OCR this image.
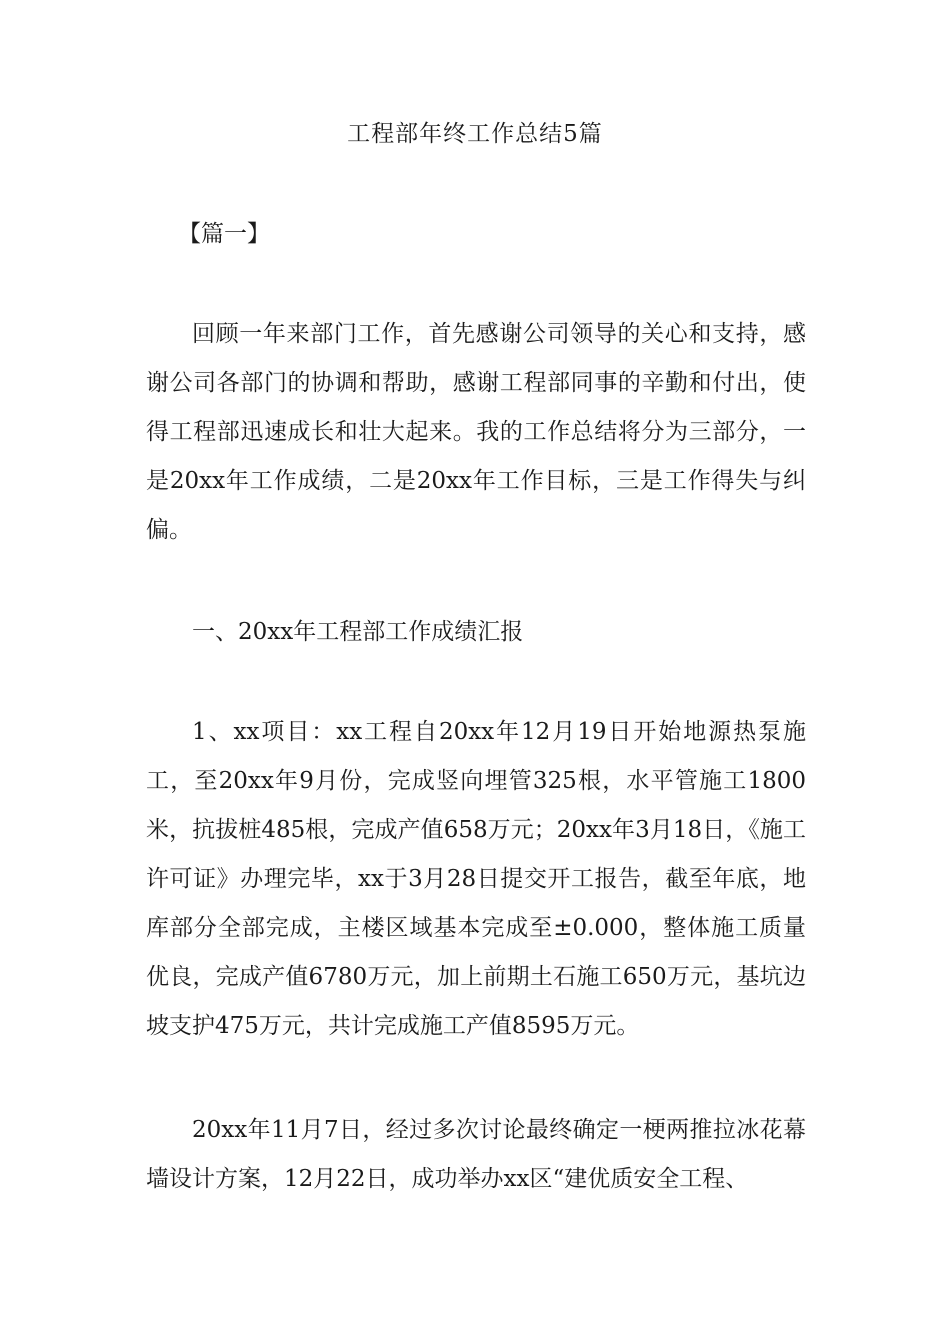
工程部年终工作总结5篇

【篇一】

回顾一年来部门工作，首先感谢公司领导的关心和支持，感谢公司各部门的协调和帮助，感谢工程部同事的辛勤和付出，使得工程部迅速成长和壮大起来。我的工作总结将分为三部分，一是20xx年工作成绩，二是20xx年工作目标，三是工作得失与纠偏。

一、20xx年工程部工作成绩汇报

1、xx项目：xx工程自20xx年12月19日开始地源热泵施工，至20xx年9月份，完成竖向埋管325根，水平管施工1800米，抗拔桩485根，完成产值658万元；20xx年3月18日，《施工许可证》办理完毕，xx于3月28日提交开工报告，截至年底，地库部分全部完成，主楼区域基本完成至±0.000，整体施工质量优良，完成产值6780万元，加上前期土石施工650万元，基坑边坡支护475万元，共计完成施工产值8595万元。

20xx年11月7日，经过多次讨论最终确定一梗两推拉冰花幕墙设计方案，12月22日，成功举办xx区“建优质安全工程、
